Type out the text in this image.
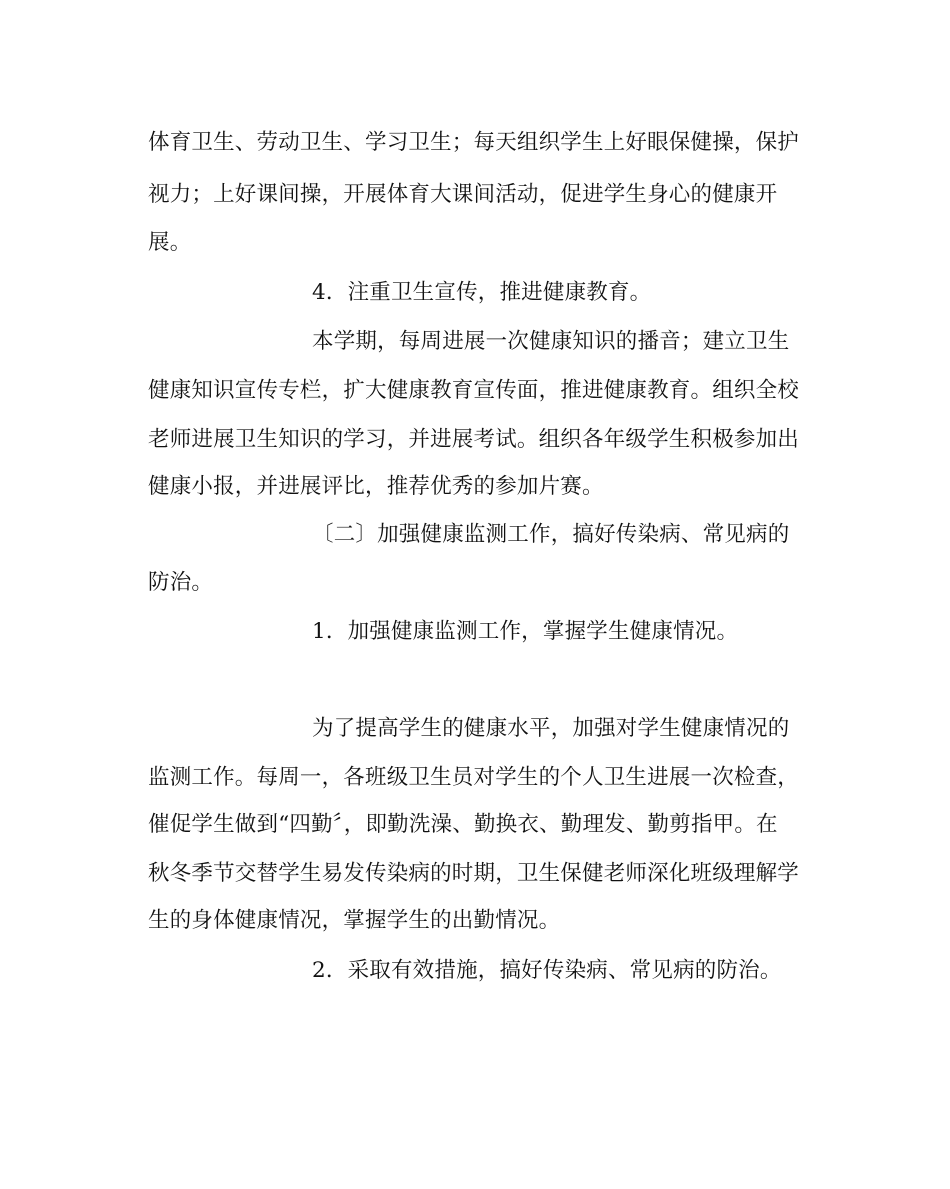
体育卫生、劳动卫生、学习卫生；每天组织学生上好眼保健操，保护
视力；上好课间操，开展体育大课间活动，促进学生身心的健康开
展。
4．注重卫生宣传，推进健康教育。
本学期，每周进展一次健康知识的播音；建立卫生
健康知识宣传专栏，扩大健康教育宣传面，推进健康教育。组织全校
老师进展卫生知识的学习，并进展考试。组织各年级学生积极参加出
健康小报，并进展评比，推荐优秀的参加片赛。
〔二〕加强健康监测工作，搞好传染病、常见病的
防治。
1．加强健康监测工作，掌握学生健康情况。
为了提高学生的健康水平，加强对学生健康情况的
监测工作。每周一，各班级卫生员对学生的个人卫生进展一次检查，
催促学生做到“四勤〞，即勤洗澡、勤换衣、勤理发、勤剪指甲。在
秋冬季节交替学生易发传染病的时期，卫生保健老师深化班级理解学
生的身体健康情况，掌握学生的出勤情况。
2．采取有效措施，搞好传染病、常见病的防治。
